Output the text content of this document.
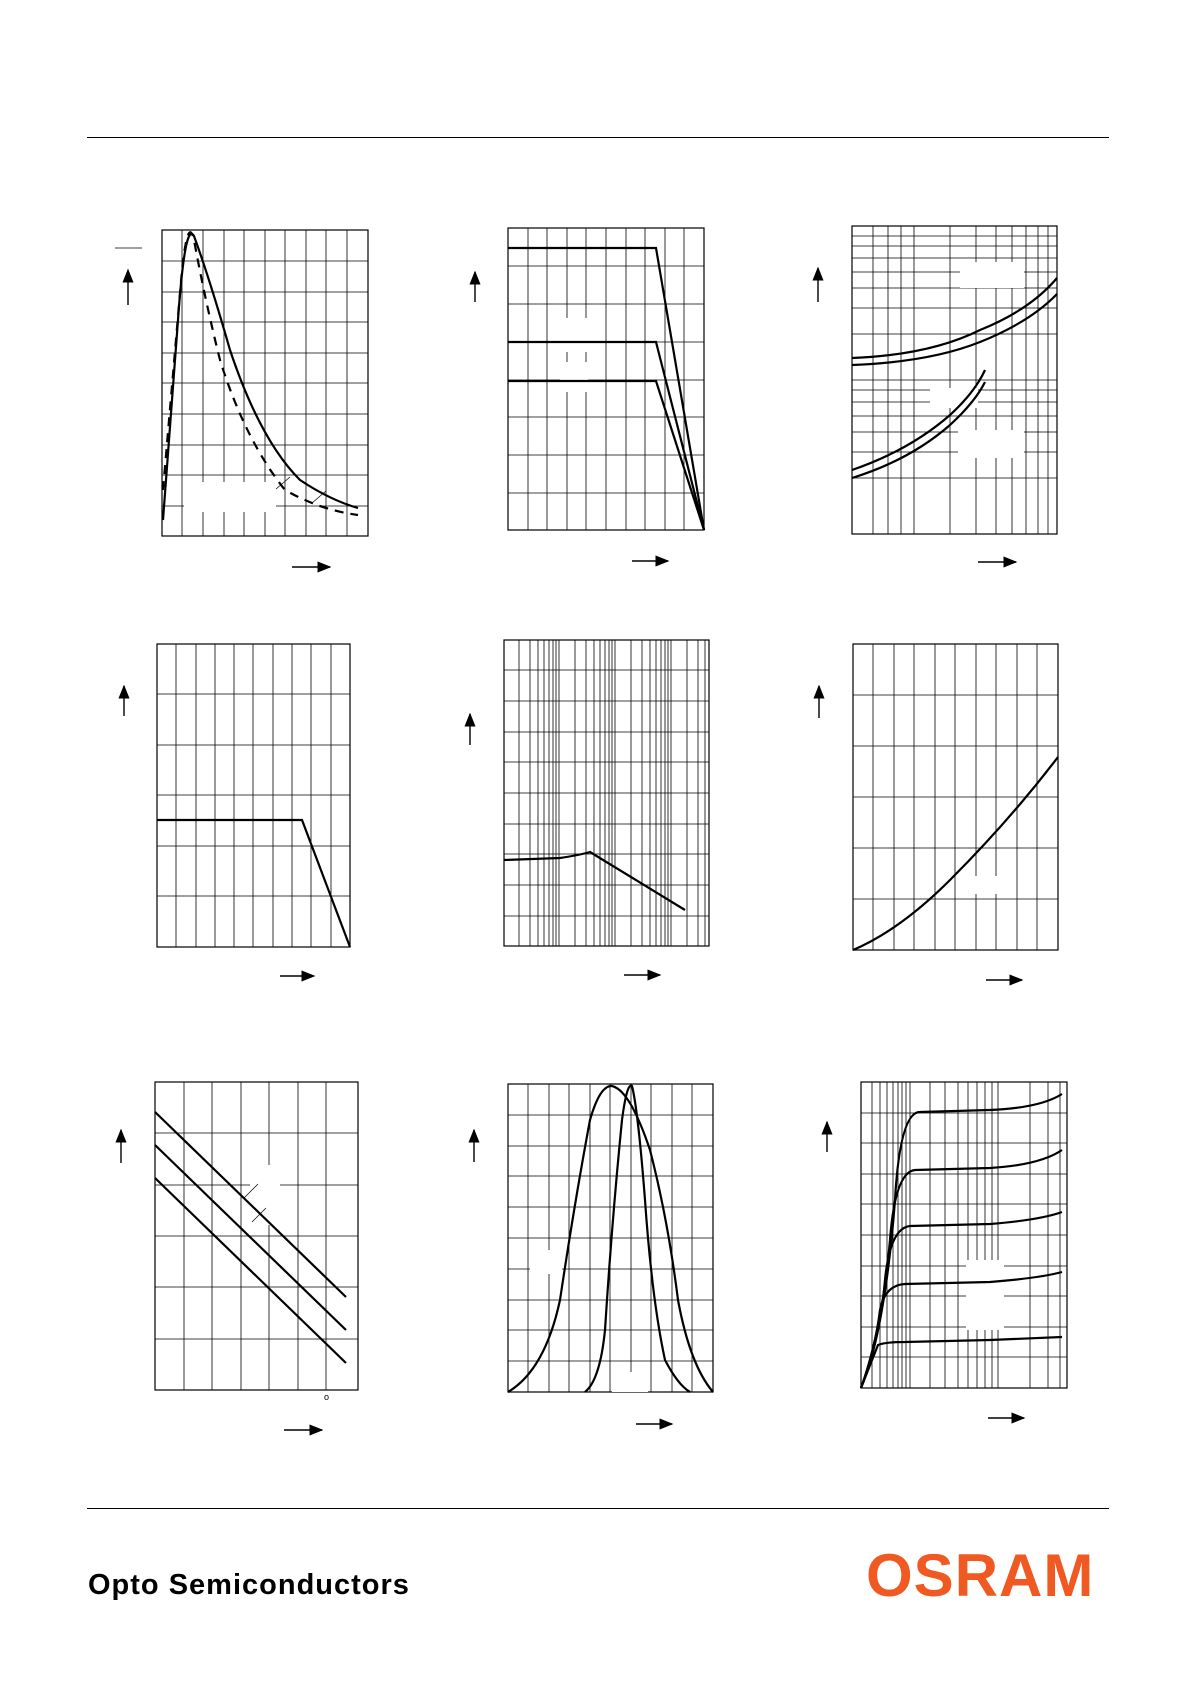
o
Opto Semiconductors	OSRAM
